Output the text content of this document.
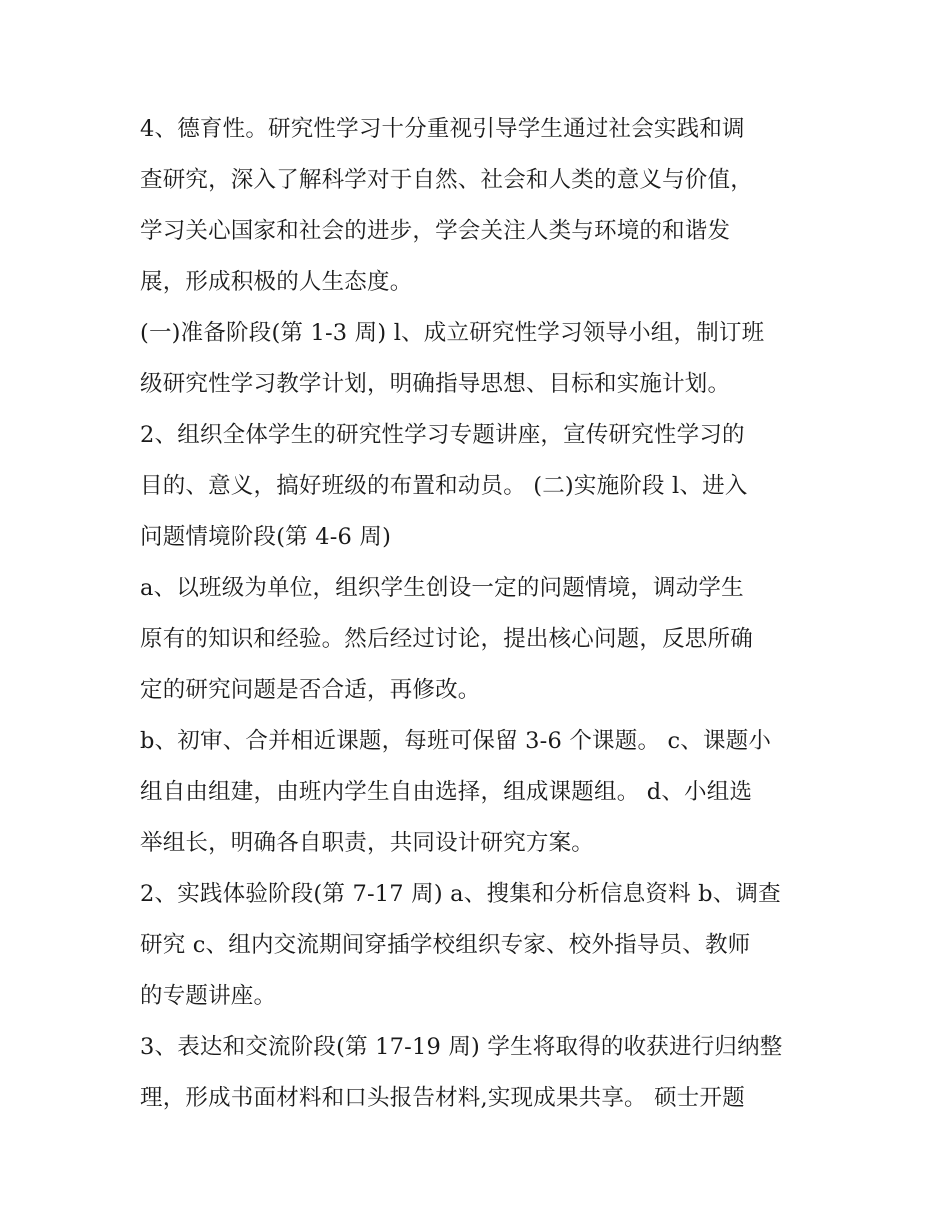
4、德育性。研究性学习十分重视引导学生通过社会实践和调
查研究，深入了解科学对于自然、社会和人类的意义与价值，
学习关心国家和社会的进步，学会关注人类与环境的和谐发
展，形成积极的人生态度。
(一)准备阶段(第 1-3 周) l、成立研究性学习领导小组，制订班
级研究性学习教学计划，明确指导思想、目标和实施计划。
2、组织全体学生的研究性学习专题讲座，宣传研究性学习的
目的、意义，搞好班级的布置和动员。 (二)实施阶段 l、进入
问题情境阶段(第 4-6 周)
a、以班级为单位，组织学生创设一定的问题情境，调动学生
原有的知识和经验。然后经过讨论，提出核心问题，反思所确
定的研究问题是否合适，再修改。
b、初审、合并相近课题，每班可保留 3-6 个课题。 c、课题小
组自由组建，由班内学生自由选择，组成课题组。 d、小组选
举组长，明确各自职责，共同设计研究方案。
2、实践体验阶段(第 7-17 周) a、搜集和分析信息资料 b、调查
研究 c、组内交流期间穿插学校组织专家、校外指导员、教师
的专题讲座。
3、表达和交流阶段(第 17-19 周) 学生将取得的收获进行归纳整
理，形成书面材料和口头报告材料,实现成果共享。 硕士开题
